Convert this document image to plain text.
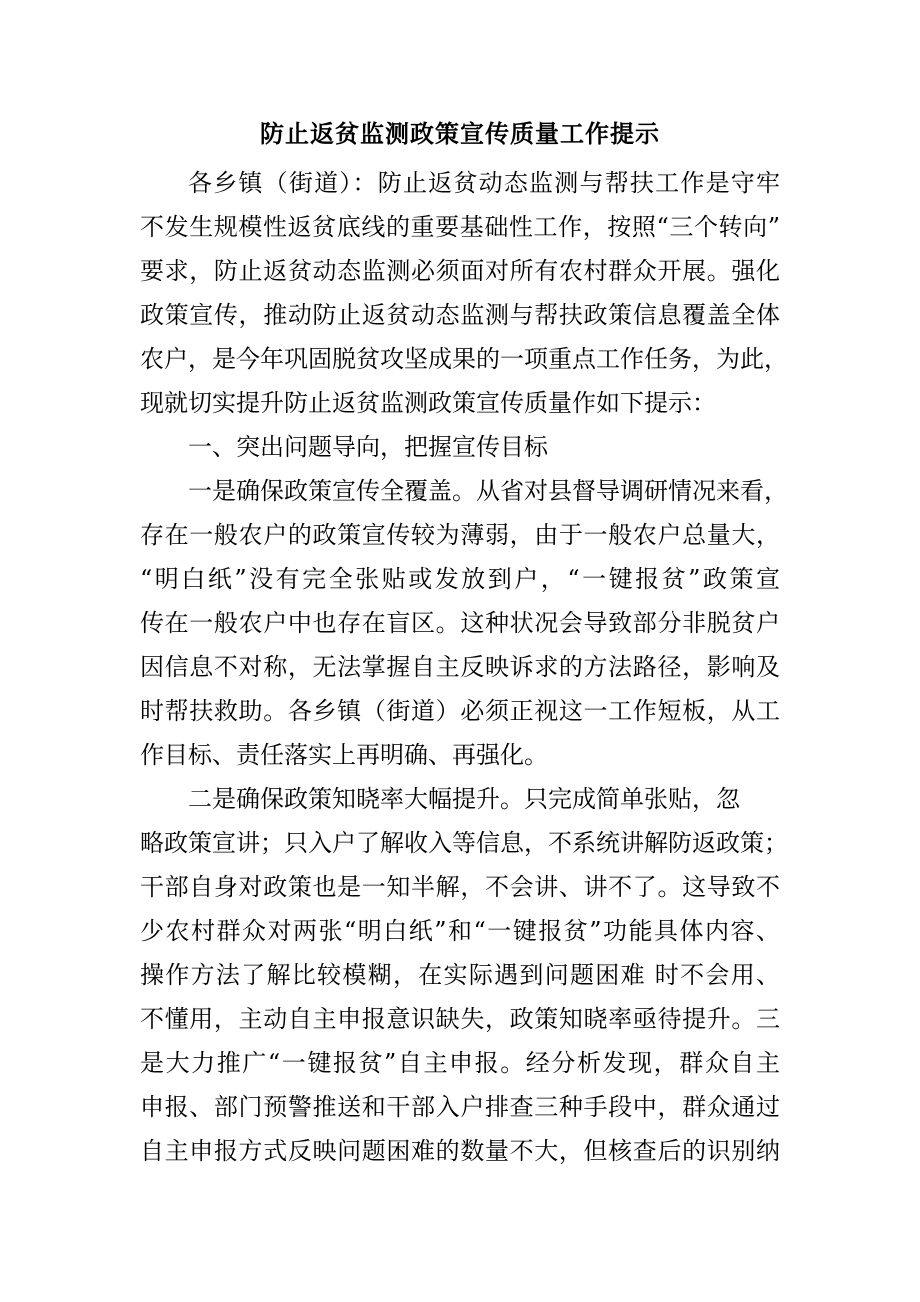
防止返贫监测政策宣传质量工作提示
各乡镇（街道）：防止返贫动态监测与帮扶工作是守牢
不发生规模性返贫底线的重要基础性工作，按照“三个转向”
要求，防止返贫动态监测必须面对所有农村群众开展。强化
政策宣传，推动防止返贫动态监测与帮扶政策信息覆盖全体
农户，是今年巩固脱贫攻坚成果的一项重点工作任务，为此，
现就切实提升防止返贫监测政策宣传质量作如下提示：
一、突出问题导向，把握宣传目标
一是确保政策宣传全覆盖。从省对县督导调研情况来看，
存在一般农户的政策宣传较为薄弱，由于一般农户总量大，
“明白纸”没有完全张贴或发放到户，“一键报贫”政策宣
传在一般农户中也存在盲区。这种状况会导致部分非脱贫户
因信息不对称，无法掌握自主反映诉求的方法路径，影响及
时帮扶救助。各乡镇（街道）必须正视这一工作短板，从工
作目标、责任落实上再明确、再强化。
二是确保政策知晓率大幅提升。只完成简单张贴，忽
略政策宣讲；只入户了解收入等信息，不系统讲解防返政策；
干部自身对政策也是一知半解，不会讲、讲不了。这导致不
少农村群众对两张“明白纸”和“一键报贫”功能具体内容、
操作方法了解比较模糊，在实际遇到问题困难 时不会用、
不懂用，主动自主申报意识缺失，政策知晓率亟待提升。三
是大力推广“一键报贫”自主申报。经分析发现，群众自主
申报、部门预警推送和干部入户排查三种手段中，群众通过
自主申报方式反映问题困难的数量不大，但核查后的识别纳
